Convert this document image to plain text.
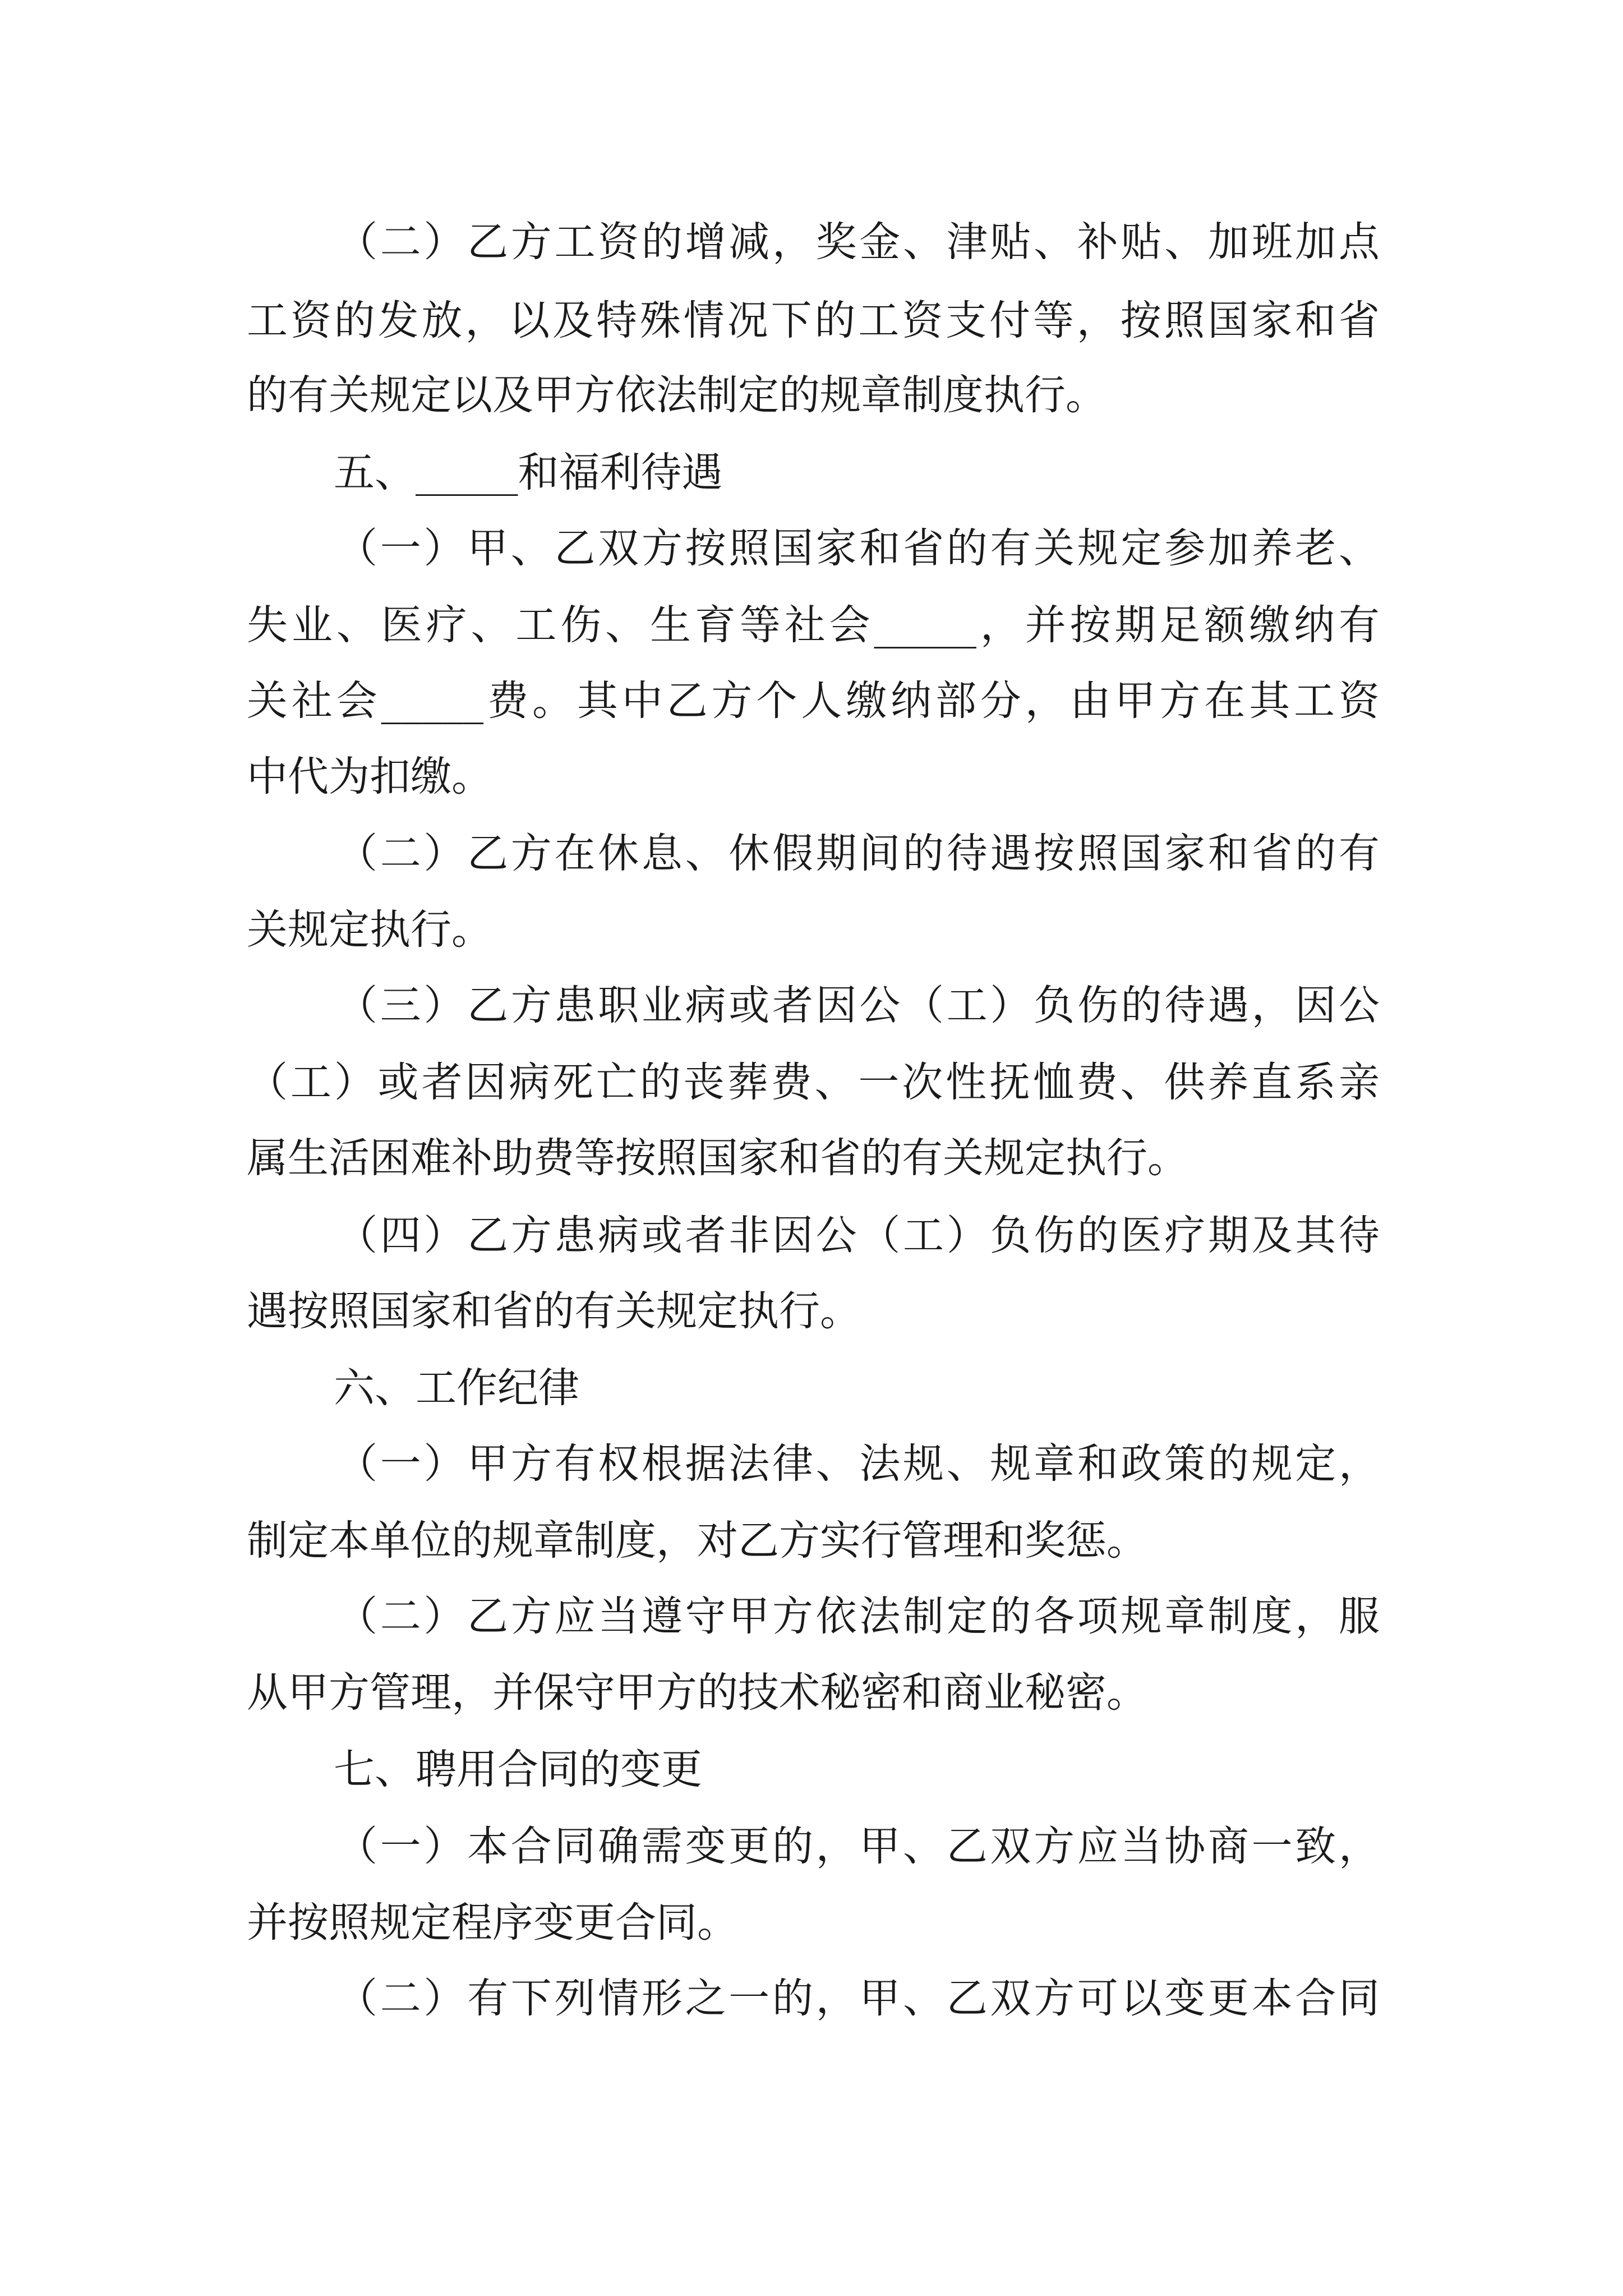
（二）乙方工资的增减，奖金、津贴、补贴、加班加点
工资的发放，以及特殊情况下的工资支付等，按照国家和省
的有关规定以及甲方依法制定的规章制度执行。
五、_____和福利待遇
（一）甲、乙双方按照国家和省的有关规定参加养老、
失业、医疗、工伤、生育等社会_____，并按期足额缴纳有
关社会_____费。其中乙方个人缴纳部分，由甲方在其工资
中代为扣缴。
（二）乙方在休息、休假期间的待遇按照国家和省的有
关规定执行。
（三）乙方患职业病或者因公（工）负伤的待遇，因公
（工）或者因病死亡的丧葬费、一次性抚恤费、供养直系亲
属生活困难补助费等按照国家和省的有关规定执行。
（四）乙方患病或者非因公（工）负伤的医疗期及其待
遇按照国家和省的有关规定执行。
六、工作纪律
（一）甲方有权根据法律、法规、规章和政策的规定，
制定本单位的规章制度，对乙方实行管理和奖惩。
（二）乙方应当遵守甲方依法制定的各项规章制度，服
从甲方管理，并保守甲方的技术秘密和商业秘密。
七、聘用合同的变更
（一）本合同确需变更的，甲、乙双方应当协商一致，
并按照规定程序变更合同。
（二）有下列情形之一的，甲、乙双方可以变更本合同
